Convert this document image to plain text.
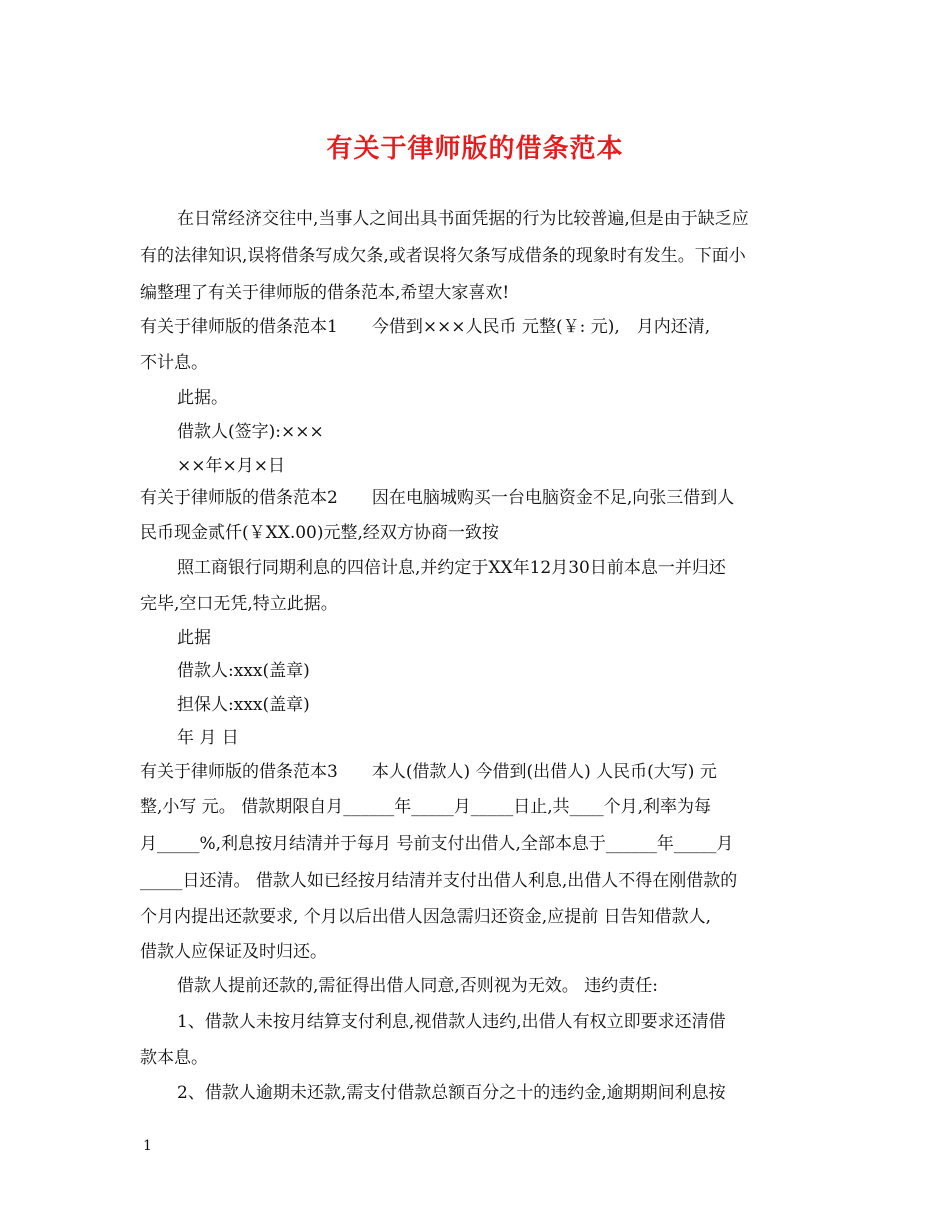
有关于律师版的借条范本
在日常经济交往中,当事人之间出具书面凭据的行为比较普遍,但是由于缺乏应
有的法律知识,误将借条写成欠条,或者误将欠条写成借条的现象时有发生。下面小
编整理了有关于律师版的借条范本,希望大家喜欢!
有关于律师版的借条范本1　　今借到×××人民币 元整(￥: 元),　月内还清,
不计息。
此据。
借款人(签字):×××
××年×月×日
有关于律师版的借条范本2　　因在电脑城购买一台电脑资金不足,向张三借到人
民币现金贰仟(￥XX.00)元整,经双方协商一致按
照工商银行同期利息的四倍计息,并约定于XX年12月30日前本息一并归还
完毕,空口无凭,特立此据。
此据
借款人:xxx(盖章)
担保人:xxx(盖章)
年 月 日
有关于律师版的借条范本3　　本人(借款人) 今借到(出借人) 人民币(大写) 元
整,小写 元。 借款期限自月______年_____月_____日止,共____个月,利率为每
月_____%,利息按月结清并于每月 号前支付出借人,全部本息于______年_____月
_____日还清。 借款人如已经按月结清并支付出借人利息,出借人不得在刚借款的
个月内提出还款要求, 个月以后出借人因急需归还资金,应提前 日告知借款人,
借款人应保证及时归还。
借款人提前还款的,需征得出借人同意,否则视为无效。 违约责任:
1、借款人未按月结算支付利息,视借款人违约,出借人有权立即要求还清借
款本息。
2、借款人逾期未还款,需支付借款总额百分之十的违约金,逾期期间利息按
1
